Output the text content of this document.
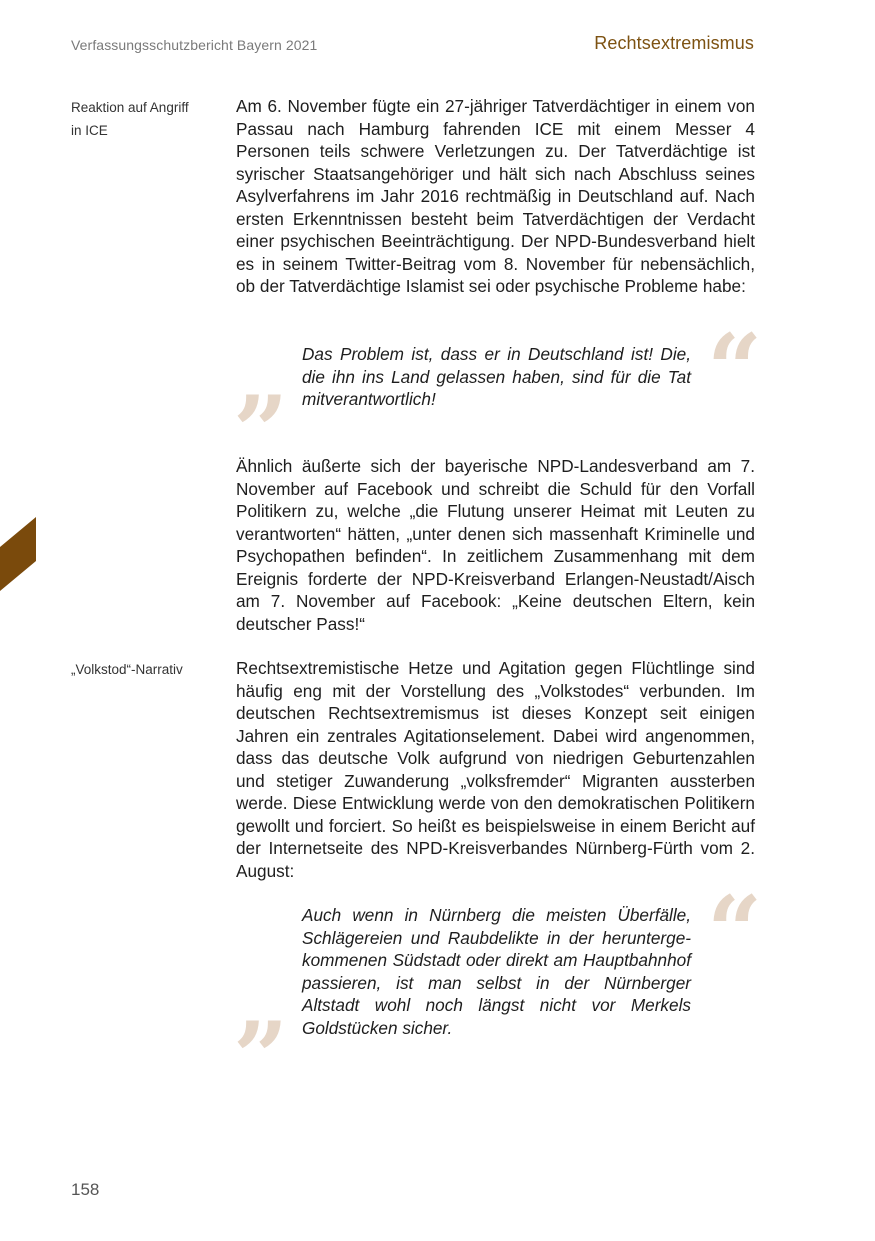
Verfassungsschutzbericht Bayern 2021	Rechtsextremismus
Reaktion auf Angriff
in ICE
Am 6. November fügte ein 27-jähriger Tatverdächtiger in einem von Passau nach Hamburg fahrenden ICE mit einem Messer 4 Personen teils schwere Verletzungen zu. Der Tatverdächtige ist syrischer Staatsangehöriger und hält sich nach Abschluss seines Asylverfahrens im Jahr 2016 rechtmäßig in Deutschland auf. Nach ersten Erkenntnissen besteht beim Tatverdächtigen der Verdacht einer psychischen Beeinträchtigung. Der NPD-Bundesverband hielt es in seinem Twitter-Beitrag vom 8. November für nebensächlich, ob der Tatverdächtige Islamist sei oder psychische Probleme habe:
“
”
Das Problem ist, dass er in Deutschland ist! Die, die ihn ins Land gelassen haben, sind für die Tat mitverantwortlich!
Ähnlich äußerte sich der bayerische NPD-Landesverband am 7. November auf Facebook und schreibt die Schuld für den Vorfall Politikern zu, welche „die Flutung unserer Heimat mit Leuten zu verantworten“ hätten, „unter denen sich massenhaft Kriminelle und Psychopathen befinden“. In zeitlichem Zusammenhang mit dem Ereignis forderte der NPD-Kreisverband Erlangen-Neustadt/Aisch am 7. November auf Facebook: „Keine deutschen Eltern, kein deutscher Pass!“
„Volkstod“-Narrativ	Rechtsextremistische Hetze und Agitation gegen Flüchtlinge sind häufig eng mit der Vorstellung des „Volkstodes“ verbunden. Im deutschen Rechtsextremismus ist dieses Konzept seit einigen Jahren ein zentrales Agitationselement. Dabei wird angenommen, dass das deutsche Volk aufgrund von niedrigen Geburtenzahlen und stetiger Zuwanderung „volksfremder“ Migranten aussterben werde. Diese Entwicklung werde von den demokratischen Politikern gewollt und forciert. So heißt es beispielsweise in einem Bericht auf der Internetseite des NPD-Kreisverbandes Nürnberg-Fürth vom 2. August:
“
”
Auch wenn in Nürnberg die meisten Überfälle, Schlägereien und Raubdelikte in der heruntergekommenen Südstadt oder direkt am Hauptbahnhof passieren, ist man selbst in der Nürnberger Altstadt wohl noch längst nicht vor Merkels Goldstücken sicher.
158
